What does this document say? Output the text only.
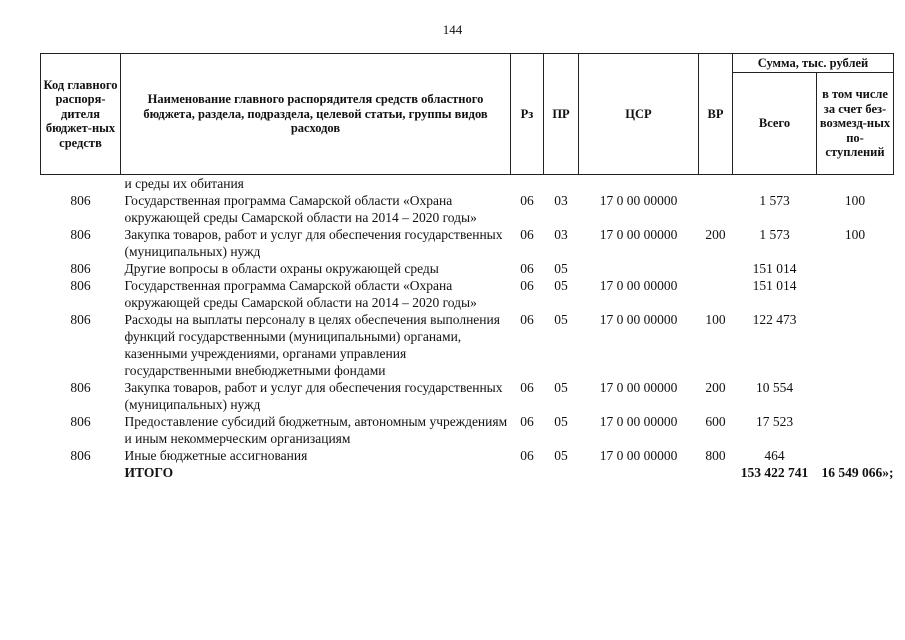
144
Код главного распоря-дителя бюджет-ных средств	Наименование главного распорядителя средств областного бюджета, раздела, подраздела, целевой статьи, группы видов расходов	Рз	ПР	ЦСР	ВР	Сумма, тыс. рублей	
						Всего	в том числе за счет без-возмезд-ных по-ступлений
	и среды их обитания						
806	Государственная программа Самарской области «Охрана окружающей среды Самарской области на 2014 – 2020 годы»	06	03	17 0 00 00000		1 573	100
806	Закупка товаров, работ и услуг для обеспечения государственных (муниципальных) нужд	06	03	17 0 00 00000	200	1 573	100
806	Другие вопросы в области охраны окружающей среды	06	05			151 014	
806	Государственная программа Самарской области «Охрана окружающей среды Самарской области на 2014 – 2020 годы»	06	05	17 0 00 00000		151 014	
806	Расходы на выплаты персоналу в целях обеспечения выполнения функций государственными (муниципальными) органами, казенными учреждениями, органами управления государственными внебюджетными фондами	06	05	17 0 00 00000	100	122 473	
806	Закупка товаров, работ и услуг для обеспечения государственных (муниципальных) нужд	06	05	17 0 00 00000	200	10 554	
806	Предоставление субсидий бюджетным, автономным учреждениям и иным некоммерческим организациям	06	05	17 0 00 00000	600	17 523	
806	Иные бюджетные ассигнования	06	05	17 0 00 00000	800	464	
	ИТОГО					153 422 741	16 549 066»;
